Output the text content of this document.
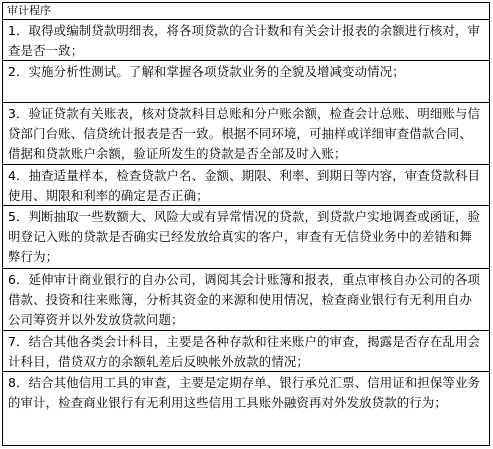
审计程序
1．取得或编制贷款明细表，将各项贷款的合计数和有关会计报表的余额进行核对，审查是否一致；
2．实施分析性测试。了解和掌握各项贷款业务的全貌及增减变动情况；
3．验证贷款有关账表，核对贷款科目总账和分户账余额，检查会计总账、明细账与信贷部门台账、信贷统计报表是否一致。根据不同环境，可抽样或详细审查借款合同、借据和贷款账户余额，验证所发生的贷款是否全部及时入账；
4．抽查适量样本，检查贷款户名、金额、期限、利率、到期日等内容，审查贷款科目使用、期限和利率的确定是否正确；
5．判断抽取一些数额大、风险大或有异常情况的贷款，到贷款户实地调查或函证，验明登记入账的贷款是否确实已经发放给真实的客户，审查有无信贷业务中的差错和舞弊行为；
6．延伸审计商业银行的自办公司，调阅其会计账簿和报表，重点审核自办公司的各项借款、投资和往来账簿，分析其资金的来源和使用情况，检查商业银行有无利用自办公司筹资并以外发放贷款问题；
7．结合其他各类会计科目，主要是各种存款和往来账户的审查，揭露是否存在乱用会计科目，借贷双方的余额轧差后反映帐外放款的情况；
8．结合其他信用工具的审查，主要是定期存单、银行承兑汇票、信用证和担保等业务的审计，检查商业银行有无利用这些信用工具账外融资再对外发放贷款的行为；
